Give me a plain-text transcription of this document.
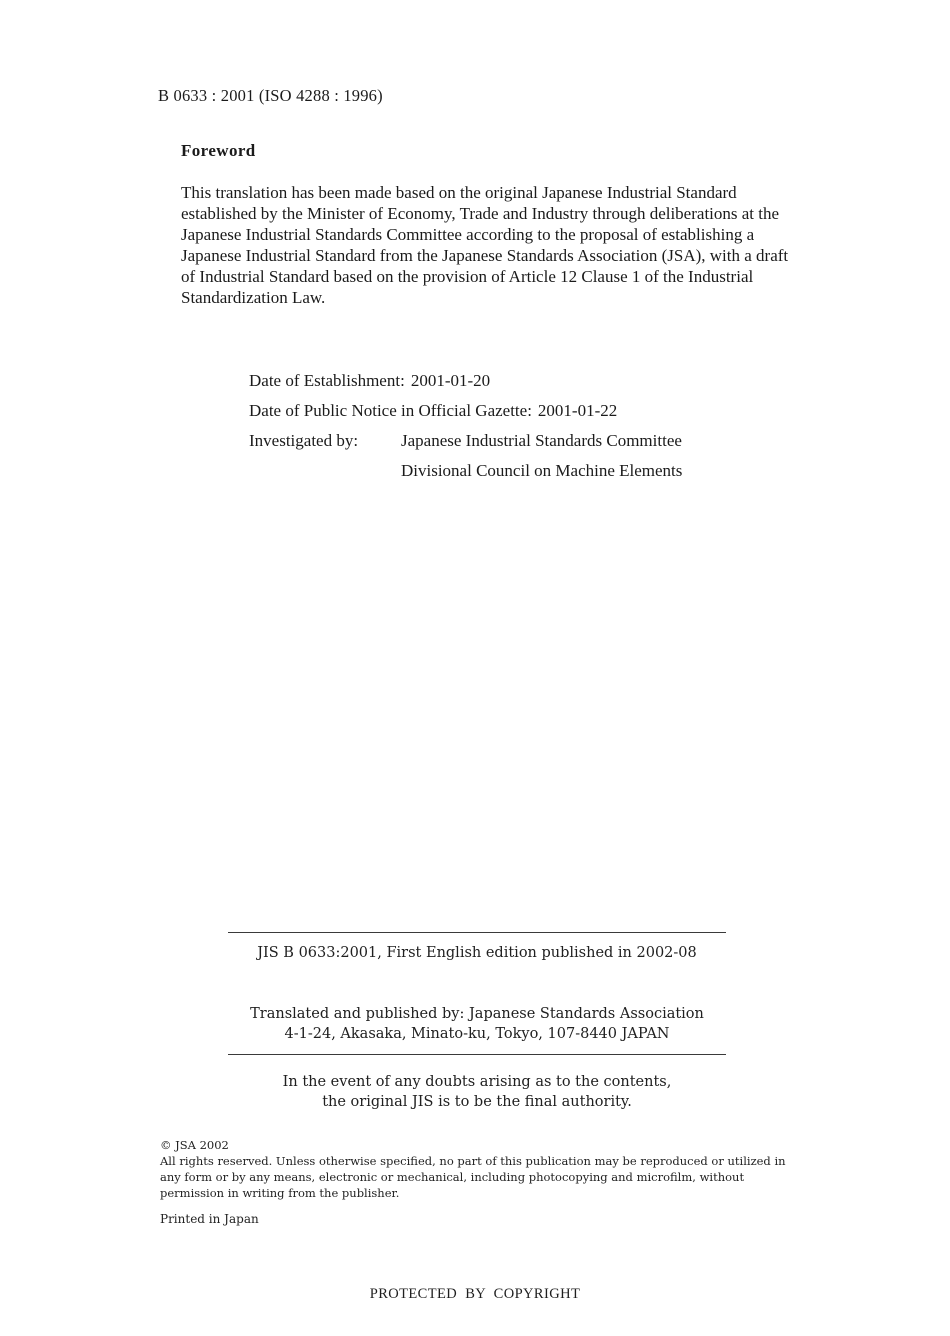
B 0633 : 2001 (ISO 4288 : 1996)
Foreword

This translation has been made based on the original Japanese Industrial Standard established by the Minister of Economy, Trade and Industry through deliberations at the Japanese Industrial Standards Committee according to the proposal of establishing a Japanese Industrial Standard from the Japanese Standards Association (JSA), with a draft of Industrial Standard based on the provision of Article 12 Clause 1 of the Industrial Standardization Law.

Date of Establishment: 2001-01-20
Date of Public Notice in Official Gazette: 2001-01-22
Investigated by:	Japanese Industrial Standards Committee
Divisional Council on Machine Elements
JIS B 0633:2001, First English edition published in 2002-08
Translated and published by: Japanese Standards Association
4-1-24, Akasaka, Minato-ku, Tokyo, 107-8440 JAPAN
In the event of any doubts arising as to the contents,
the original JIS is to be the final authority.

© JSA 2002

All rights reserved. Unless otherwise specified, no part of this publication may be reproduced or utilized in any form or by any means, electronic or mechanical, including photocopying and microfilm, without permission in writing from the publisher.

Printed in Japan
PROTECTED  BY  COPYRIGHT
